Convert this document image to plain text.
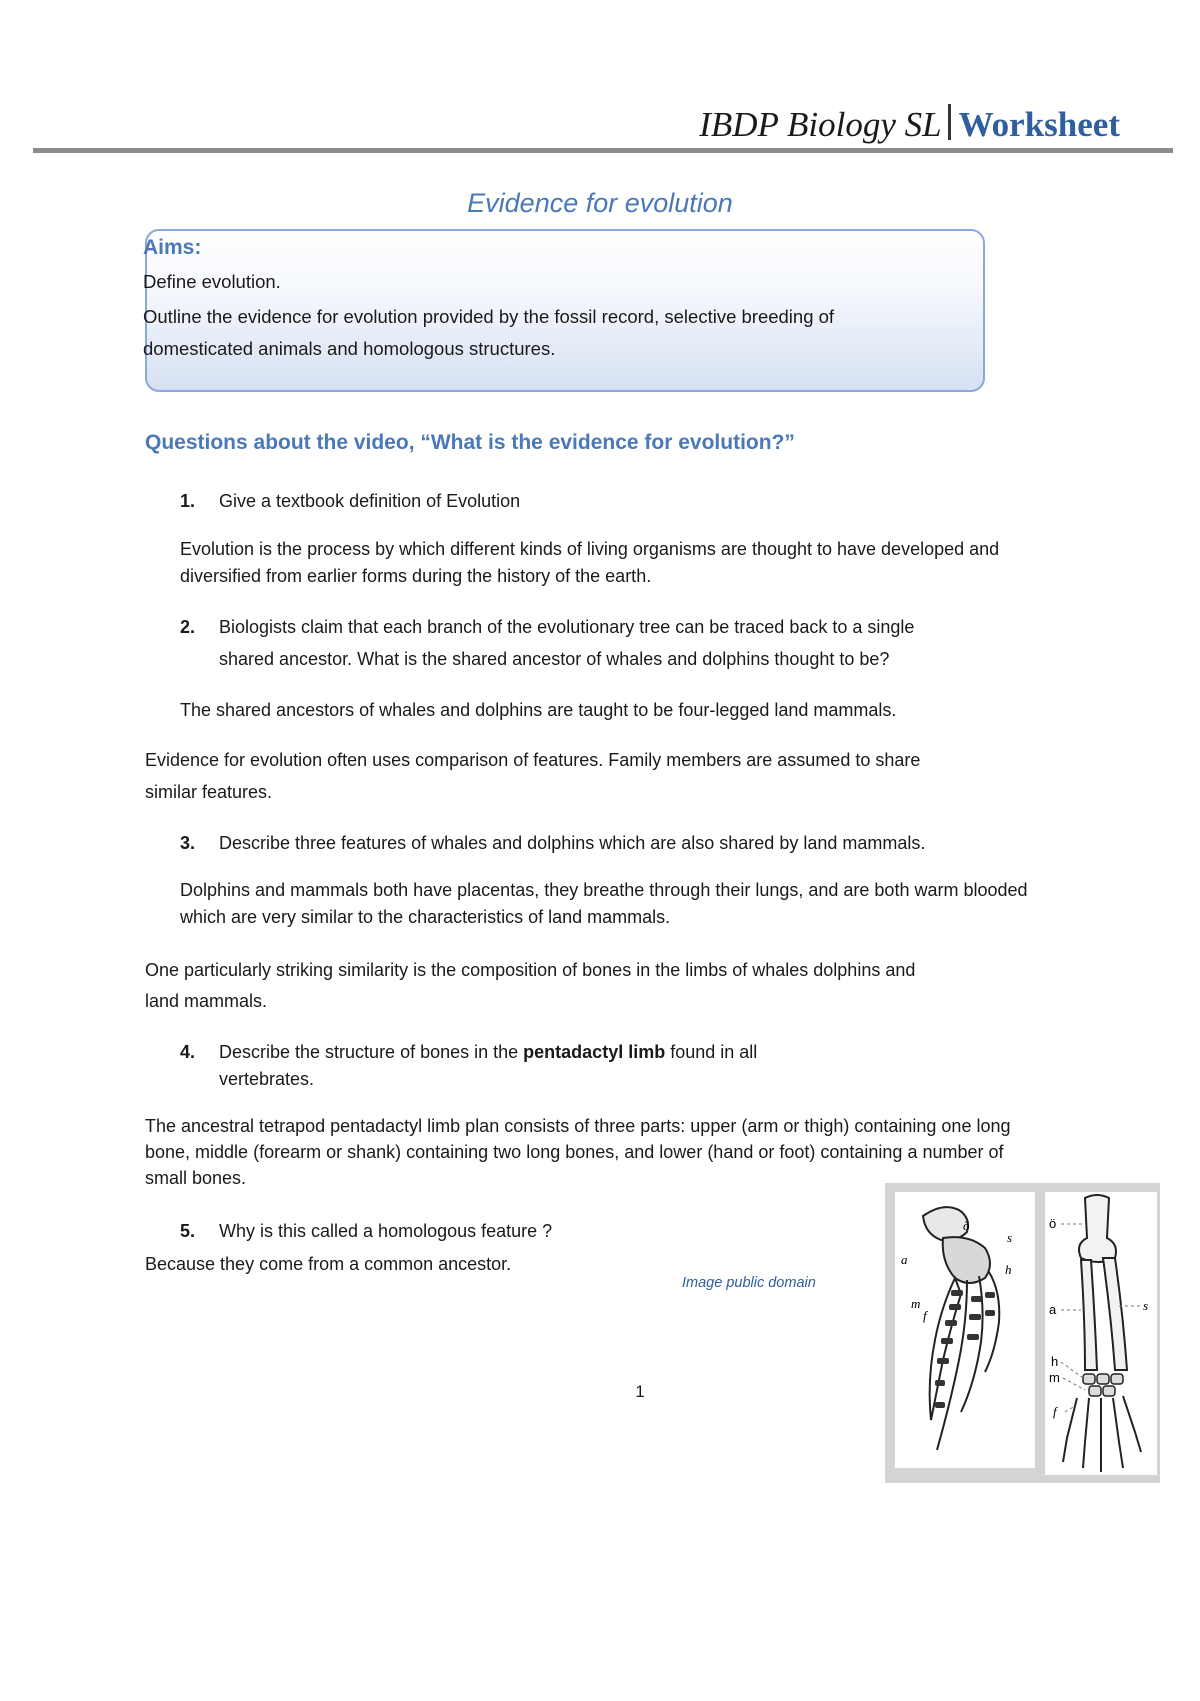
IBDP Biology SL Worksheet
Evidence for evolution
Aims:
Define evolution.
Outline the evidence for evolution provided by the fossil record, selective breeding of
domesticated animals and homologous structures.
Questions about the video, “What is the evidence for evolution?”
1. Give a textbook definition of Evolution
Evolution is the process by which different kinds of living organisms are thought to have developed and
diversified from earlier forms during the history of the earth.
2. Biologists claim that each branch of the evolutionary tree can be traced back to a single
shared ancestor. What is the shared ancestor of whales and dolphins thought to be?
The shared ancestors of whales and dolphins are taught to be four-legged land mammals.
Evidence for evolution often uses comparison of features. Family members are assumed to share
similar features.
3. Describe three features of whales and dolphins which are also shared by land mammals.
Dolphins and mammals both have placentas, they breathe through their lungs, and are both warm blooded
which are very similar to the characteristics of land mammals.
One particularly striking similarity is the composition of bones in the limbs of whales dolphins and
land mammals.
4. Describe the structure of bones in the pentadactyl limb found in all
vertebrates.
The ancestral tetrapod pentadactyl limb plan consists of three parts: upper (arm or thigh) containing one long
bone, middle (forearm or shank) containing two long bones, and lower (hand or foot) containing a number of
small bones.
5. Why is this called a homologous feature ?
Because they come from a common ancestor.
Image public domain
ö
s
a
h
m
f
ö
a	s
h
m
f
1
